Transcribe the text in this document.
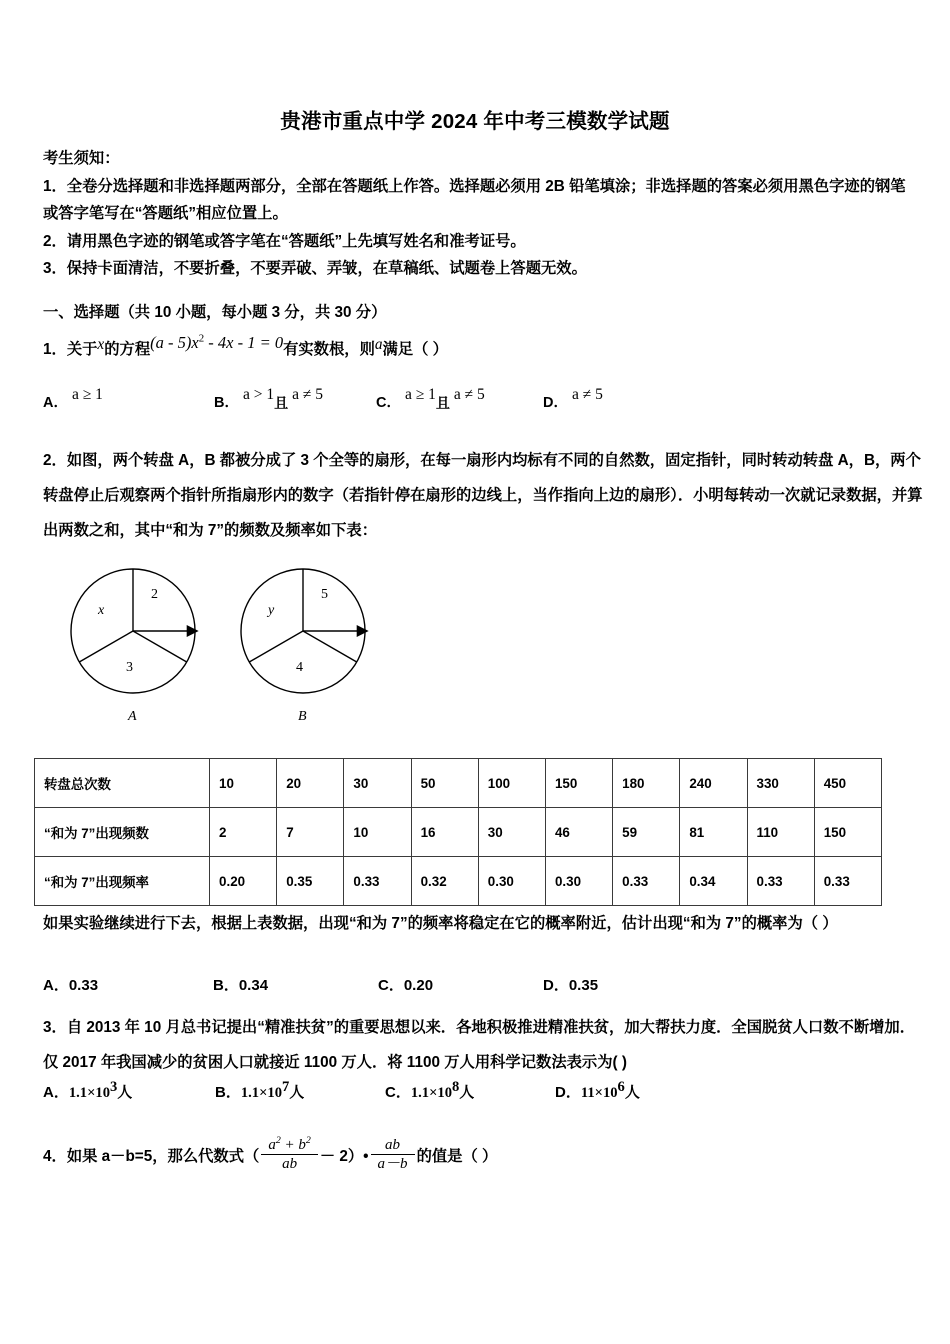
贵港市重点中学 2024 年中考三模数学试题
考生须知：
1．全卷分选择题和非选择题两部分，全部在答题纸上作答。选择题必须用 2B 铅笔填涂；非选择题的答案必须用黑色字迹的钢笔或答字笔写在“答题纸”相应位置上。
2．请用黑色字迹的钢笔或答字笔在“答题纸”上先填写姓名和准考证号。
3．保持卡面清洁，不要折叠，不要弄破、弄皱，在草稿纸、试题卷上答题无效。
一、选择题（共 10 小题，每小题 3 分，共 30 分）
1．关于x的方程$(a - 5)x^2 - 4x - 1 = 0$有实数根，则a满足（ ）
A． a ≥ 1	B． a > 1且 a ≠ 5	C． a ≥ 1且 a ≠ 5	D． a ≠ 5
2．如图，两个转盘 A，B 都被分成了 3 个全等的扇形，在每一扇形内均标有不同的自然数，固定指针，同时转动转盘 A，B，两个转盘停止后观察两个指针所指扇形内的数字（若指针停在扇形的边线上，当作指向上边的扇形）．小明每转动一次就记录数据，并算出两数之和，其中“和为 7”的频数及频率如下表：
x
2
3
A
y
5
4
B
转盘总次数	10	20	30	50	100	150	180	240	330	450
“和为 7”出现频数	2	7	10	16	30	46	59	81	110	150
“和为 7”出现频率	0.20	0.35	0.33	0.32	0.30	0.30	0.33	0.34	0.33	0.33
如果实验继续进行下去，根据上表数据，出现“和为 7”的频率将稳定在它的概率附近，估计出现“和为 7”的概率为（ ）
A．0.33	B．0.34	C．0.20	D．0.35
3．自 2013 年 10 月总书记提出“精准扶贫”的重要思想以来．各地积极推进精准扶贫，加大帮扶力度．全国脱贫人口数不断增加．仅 2017 年我国减少的贫困人口就接近 1100 万人．将 1100 万人用科学记数法表示为( )
A．$1.1\times 10^3$人	B．$1.1\times 10^7$人	C．$1.1\times 10^8$人	D．$11\times 10^6$人
4．如果 a－b=5，那么代数式（ $\frac{a^2 + b^2}{ab}$ － 2）• $\frac{ab}{a-b}$ 的值是（ ）
